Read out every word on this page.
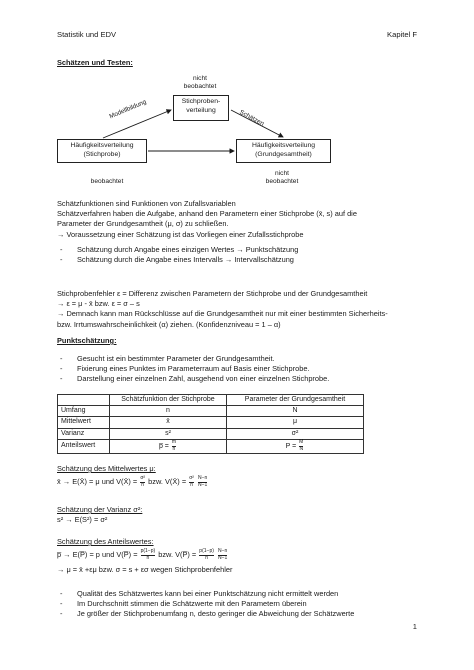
Statistik und EDV	Kapitel F
Schätzen und Testen:
nicht
beobachtet
Stichproben-
verteilung
Häufigkeitsverteilung
(Stichprobe)
Häufigkeitsverteilung
(Grundgesamtheit)
Modellbildung	Schätzen
beobachtet
nicht
beobachtet
Schätzfunktionen sind Funktionen von Zufallsvariablen
Schätzverfahren haben die Aufgabe, anhand den Parametern einer Stichprobe (x̄, s) auf die
Parameter der Grundgesamtheit (μ, σ) zu schließen.
→ Voraussetzung einer Schätzung ist das Vorliegen einer Zufallsstichprobe
- Schätzung durch Angabe eines einzigen Wertes → Punktschätzung
- Schätzung durch die Angabe eines Intervalls → Intervallschätzung
Stichprobenfehler ε = Differenz zwischen Parametern der Stichprobe und der Grundgesamtheit
→ ε = μ - x̄ bzw. ε = σ – s
→ Demnach kann man Rückschlüsse auf die Grundgesamtheit nur mit einer bestimmten Sicherheits-
bzw. Irrtumswahrscheinlichkeit (α) ziehen. (Konfidenzniveau = 1 – α)
Punktschätzung:
- Gesucht ist ein bestimmter Parameter der Grundgesamtheit.
- Fixierung eines Punktes im Parameterraum auf Basis einer Stichprobe.
- Darstellung einer einzelnen Zahl, ausgehend von einer einzelnen Stichprobe.
	Schätzfunktion der Stichprobe	Parameter der Grundgesamtheit
Umfang	n	N
Mittelwert	x̄	μ
Varianz	s²	σ²
Anteilswert	p̅ = $\frac{m}{n}$	$P = \frac{M}{N}$
Schätzung des Mittelwertes μ:
x̄ → E(X̄) = μ und V(X̄) = $\frac{\text{σ²}}{n}$ bzw. V(X̄) = $\frac{\text{σ²}}{n}$
$\frac{N-n}{N-1}$
Schätzung der Varianz σ²:
s² → E(S²) = σ²
Schätzung des Anteilswertes:
p̅ → E(P̅) = p und V(P̅) = $\frac{p(1-p)}{n}$ bzw. V(P̅) = $\frac{p(1-p)}{n}$
$\frac{N-n}{N-1}$
→ μ = x̄ +εμ bzw. σ = s + εσ wegen Stichprobenfehler
- Qualität des Schätzwertes kann bei einer Punktschätzung nicht ermittelt werden
- Im Durchschnitt stimmen die Schätzwerte mit den Parametern überein
- Je größer der Stichprobenumfang n, desto geringer die Abweichung der Schätzwerte
1
